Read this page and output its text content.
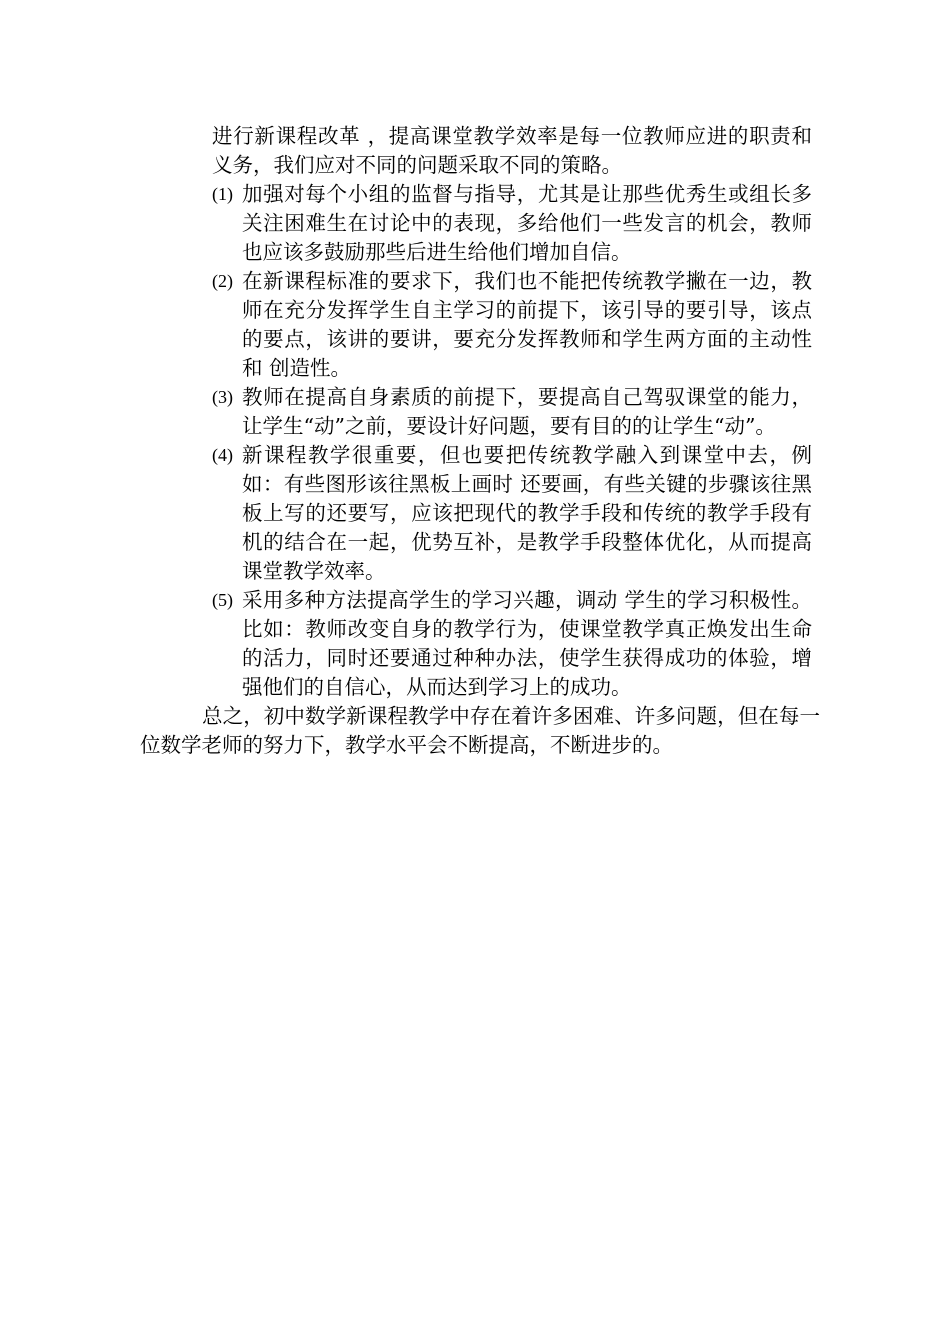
进行新课程改革 ，提高课堂教学效率是每一位教师应进的职责和义务，我们应对不同的问题采取不同的策略。

(1) 加强对每个小组的监督与指导，尤其是让那些优秀生或组长多关注困难生在讨论中的表现，多给他们一些发言的机会，教师也应该多鼓励那些后进生给他们增加自信。
(2) 在新课程标准的要求下，我们也不能把传统教学撇在一边，教师在充分发挥学生自主学习的前提下，该引导的要引导，该点的要点，该讲的要讲，要充分发挥教师和学生两方面的主动性和 创造性。
(3) 教师在提高自身素质的前提下，要提高自己驾驭课堂的能力，让学生“动”之前，要设计好问题，要有目的的让学生“动”。
(4) 新课程教学很重要，但也要把传统教学融入到课堂中去，例如：有些图形该往黑板上画时 还要画，有些关键的步骤该往黑板上写的还要写，应该把现代的教学手段和传统的教学手段有机的结合在一起，优势互补，是教学手段整体优化，从而提高课堂教学效率。
(5) 采用多种方法提高学生的学习兴趣，调动 学生的学习积极性。比如：教师改变自身的教学行为，使课堂教学真正焕发出生命的活力，同时还要通过种种办法，使学生获得成功的体验，增强他们的自信心，从而达到学习上的成功。

总之，初中数学新课程教学中存在着许多困难、许多问题，但在每一位数学老师的努力下，教学水平会不断提高，不断进步的。
